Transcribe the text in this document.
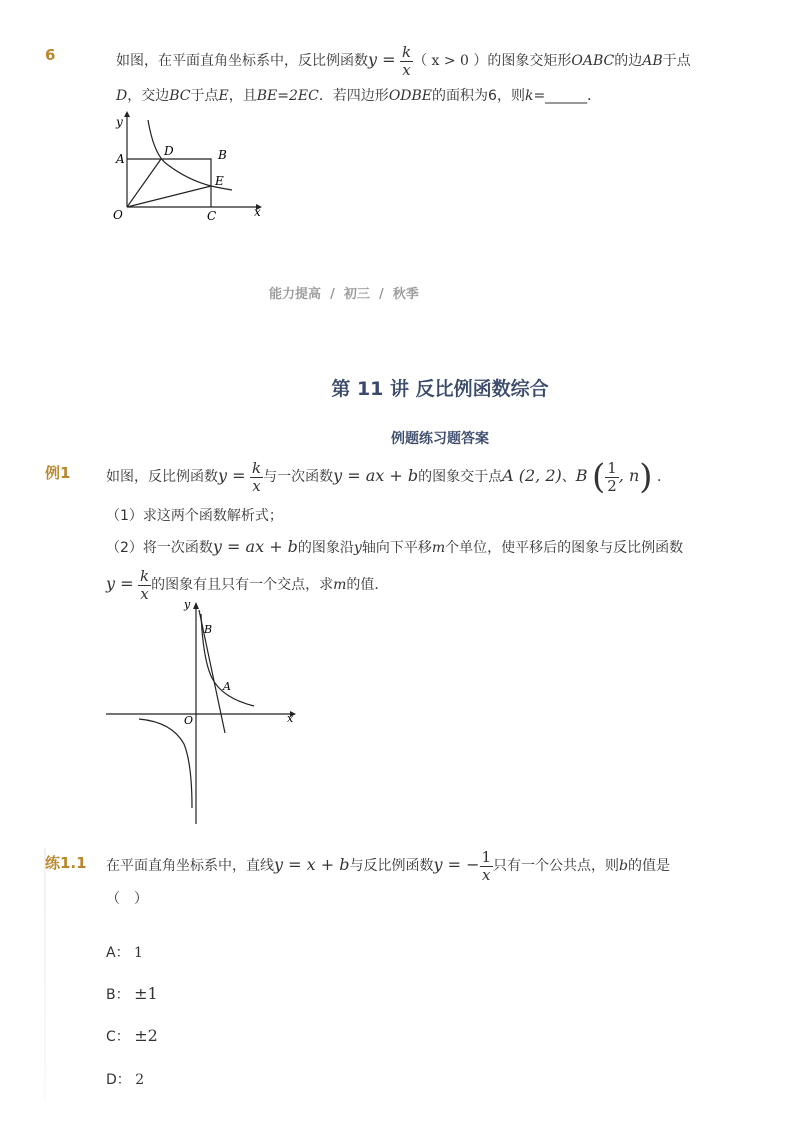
6	如图，在平面直角坐标系中，反比例函数$y = \frac{k}{x}$ （ x > 0 ）的图象交矩形OABC的边AB于点
D，交边BC于点E，且BE=2EC．若四边形ODBE的面积为6，则k=______．
y
x
A	B
C
D
E
O
能力提高 / 初三 / 秋季
第 11 讲 反比例函数综合
例题练习题答案
例1	如图，反比例函数$y = \frac{k}{x}$ 与一次函数y = ax + b的图象交于点A (2, 2)、B ( $\frac{1}{2}$ , n) ．
（1）求这两个函数解析式；
（2）将一次函数y = ax + b的图象沿y轴向下平移m个单位，使平移后的图象与反比例函数
$y = \frac{k}{x}$ 的图象有且只有一个交点，求m的值．
y
x
O
A
B
练1.1 在平面直角坐标系中，直线y = x + b与反比例函数y = − $\frac{1}{x}$ 只有一个公共点，则b的值是
（　）
A： 1
B： ±1
C： ±2
D： 2
